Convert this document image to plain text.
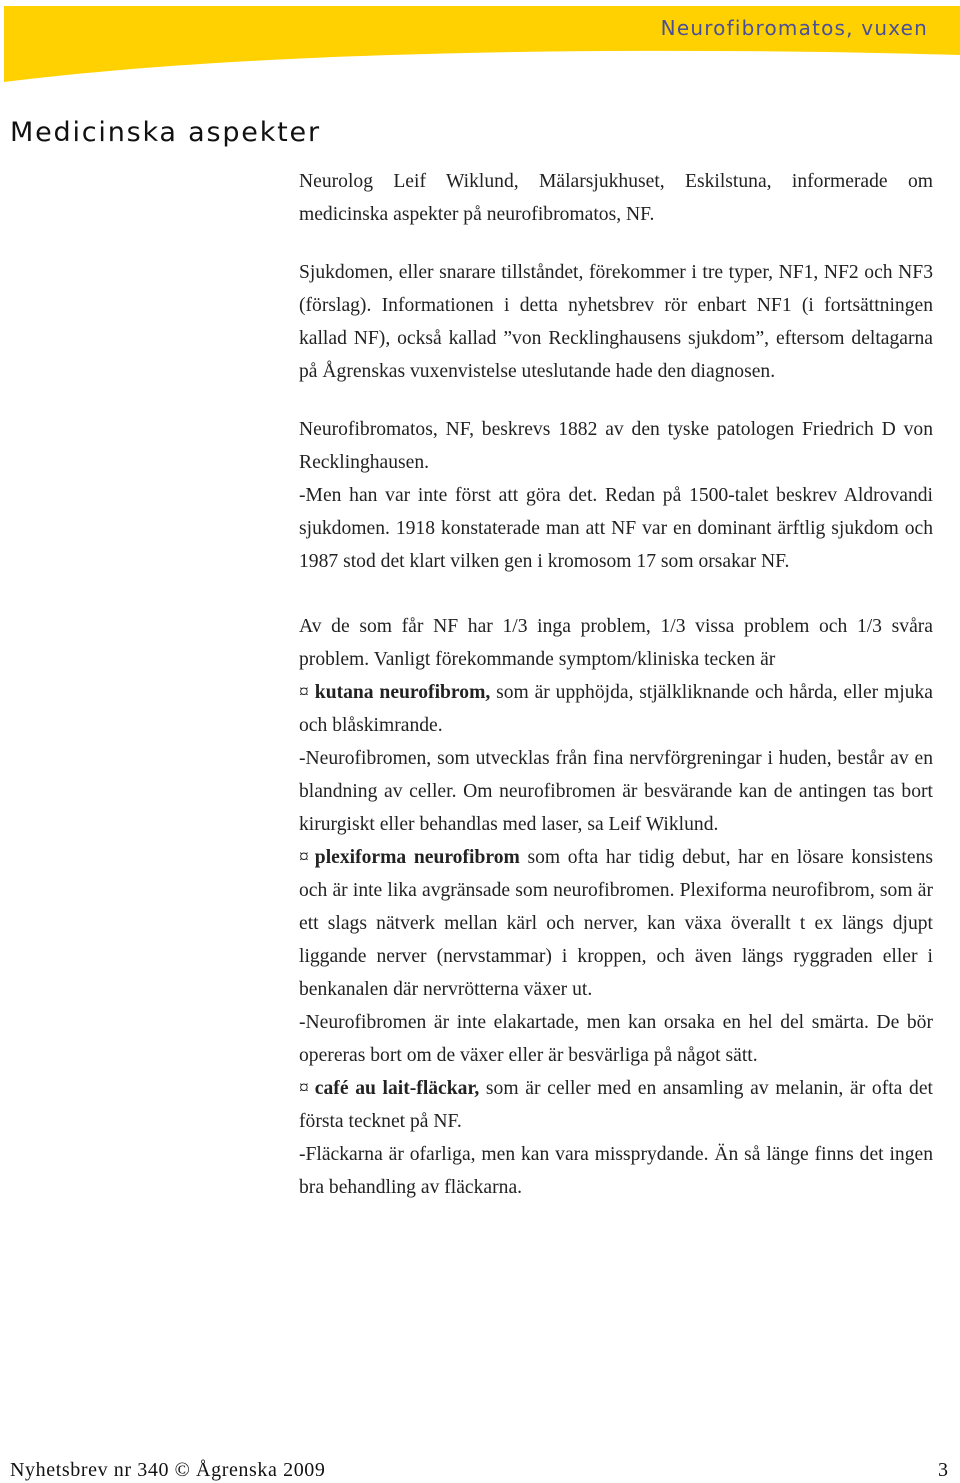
Neurofibromatos, vuxen
Medicinska aspekter

Neurolog Leif Wiklund, Mälarsjukhuset, Eskilstuna, informerade om medicinska aspekter på neurofibromatos, NF.

Sjukdomen, eller snarare tillståndet, förekommer i tre typer, NF1, NF2 och NF3 (förslag). Informationen i detta nyhetsbrev rör enbart NF1 (i fortsättningen kallad NF), också kallad ”von Recklinghausens sjukdom”, eftersom deltagarna på Ågrenskas vuxenvistelse uteslutande hade den diagnosen.

Neurofibromatos, NF, beskrevs 1882 av den tyske patologen Friedrich D von Recklinghausen.

-Men han var inte först att göra det. Redan på 1500-talet beskrev Aldrovandi sjukdomen. 1918 konstaterade man att NF var en dominant ärftlig sjukdom och 1987 stod det klart vilken gen i kromosom 17 som orsakar NF.

Av de som får NF har 1/3 inga problem, 1/3 vissa problem och 1/3 svåra problem. Vanligt förekommande symptom/kliniska tecken är

¤ kutana neurofibrom, som är upphöjda, stjälkliknande och hårda, eller mjuka och blåskimrande.

-Neurofibromen, som utvecklas från fina nervförgreningar i huden, består av en blandning av celler. Om neurofibromen är besvärande kan de antingen tas bort kirurgiskt eller behandlas med laser, sa Leif Wiklund.

¤ plexiforma neurofibrom som ofta har tidig debut, har en lösare konsistens och är inte lika avgränsade som neurofibromen. Plexiforma neurofibrom, som är ett slags nätverk mellan kärl och nerver, kan växa överallt t ex längs djupt liggande nerver (nervstammar) i kroppen, och även längs ryggraden eller i benkanalen där nervrötterna växer ut.

-Neurofibromen är inte elakartade, men kan orsaka en hel del smärta. De bör opereras bort om de växer eller är besvärliga på något sätt.

¤ café au lait-fläckar, som är celler med en ansamling av melanin, är ofta det första tecknet på NF.

-Fläckarna är ofarliga, men kan vara missprydande. Än så länge finns det ingen bra behandling av fläckarna.

Nyhetsbrev nr 340 © Ågrenska 2009	3
